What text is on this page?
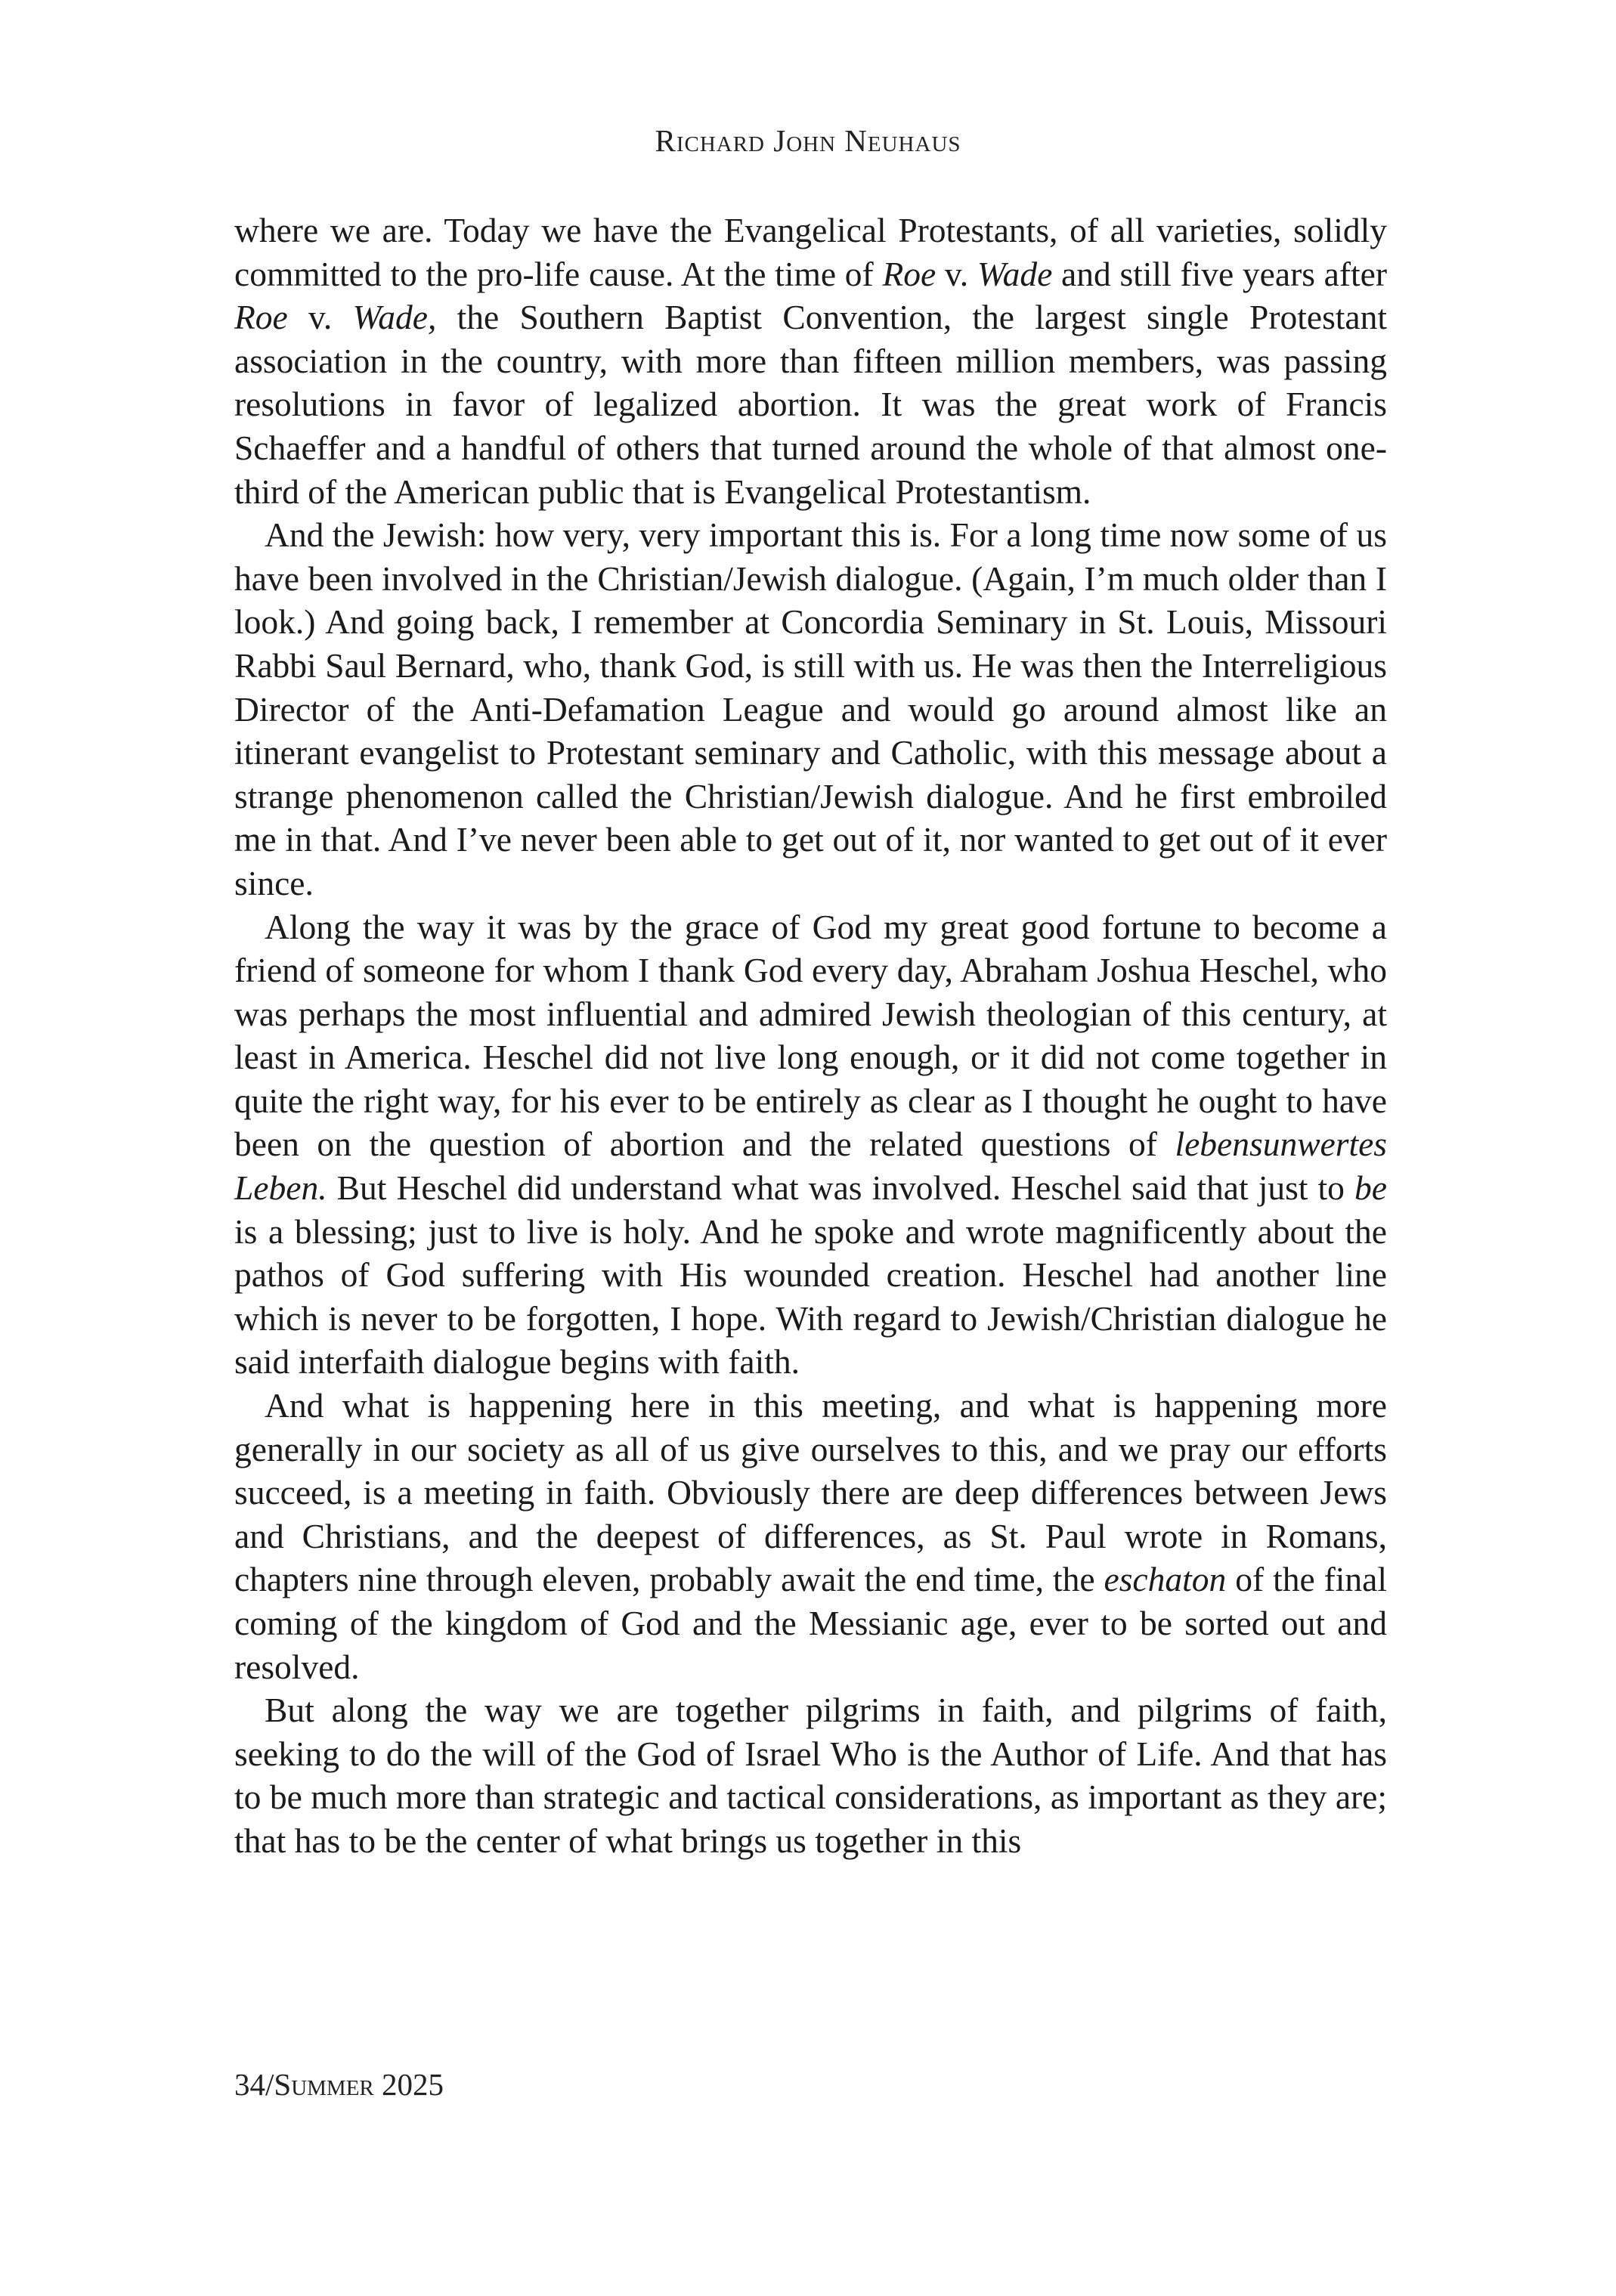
Richard John Neuhaus

where we are. Today we have the Evangelical Protestants, of all varieties, solidly committed to the pro-life cause. At the time of Roe v. Wade and still five years after Roe v. Wade, the Southern Baptist Convention, the largest single Protestant association in the country, with more than fifteen million members, was passing resolutions in favor of legalized abortion. It was the great work of Francis Schaeffer and a handful of others that turned around the whole of that almost one-third of the American public that is Evangelical Protestantism.

And the Jewish: how very, very important this is. For a long time now some of us have been involved in the Christian/Jewish dialogue. (Again, I’m much older than I look.) And going back, I remember at Concordia Seminary in St. Louis, Missouri Rabbi Saul Bernard, who, thank God, is still with us. He was then the Interreligious Director of the Anti-Defamation League and would go around almost like an itinerant evangelist to Protestant seminary and Catholic, with this message about a strange phenomenon called the Christian/Jewish dialogue. And he first embroiled me in that. And I’ve never been able to get out of it, nor wanted to get out of it ever since.

Along the way it was by the grace of God my great good fortune to become a friend of someone for whom I thank God every day, Abraham Joshua Heschel, who was perhaps the most influential and admired Jewish theologian of this century, at least in America. Heschel did not live long enough, or it did not come together in quite the right way, for his ever to be entirely as clear as I thought he ought to have been on the question of abortion and the related questions of lebensunwertes Leben. But Heschel did understand what was involved. Heschel said that just to be is a blessing; just to live is holy. And he spoke and wrote magnificently about the pathos of God suffering with His wounded creation. Heschel had another line which is never to be forgotten, I hope. With regard to Jewish/Christian dialogue he said interfaith dialogue begins with faith.

And what is happening here in this meeting, and what is happening more generally in our society as all of us give ourselves to this, and we pray our efforts succeed, is a meeting in faith. Obviously there are deep differences between Jews and Christians, and the deepest of differences, as St. Paul wrote in Romans, chapters nine through eleven, probably await the end time, the eschaton of the final coming of the kingdom of God and the Messianic age, ever to be sorted out and resolved.

But along the way we are together pilgrims in faith, and pilgrims of faith, seeking to do the will of the God of Israel Who is the Author of Life. And that has to be much more than strategic and tactical considerations, as important as they are; that has to be the center of what brings us together in this

34/Summer 2025
